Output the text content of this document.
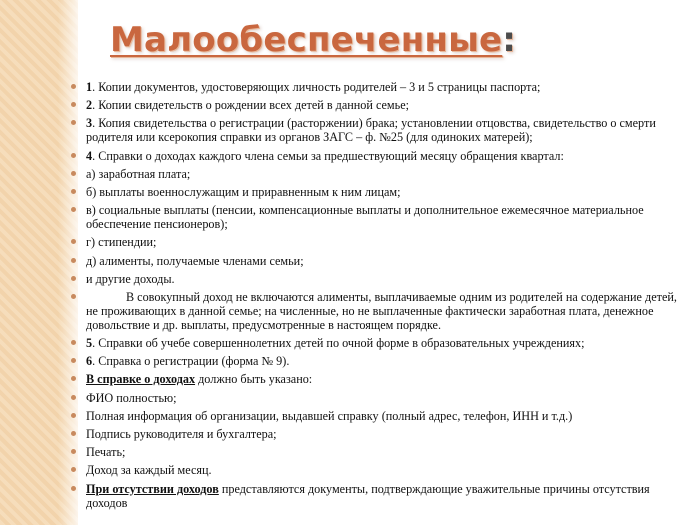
Малообеспеченные:
1. Копии документов, удостоверяющих личность родителей – 3 и 5 страницы паспорта;
2. Копии свидетельств о рождении всех детей в данной семье;
3. Копия свидетельства о регистрации (расторжении) брака; установлении отцовства, свидетельство о смерти родителя или ксерокопия справки из органов ЗАГС – ф. №25 (для одиноких матерей);
4. Справки о доходах каждого члена семьи за предшествующий месяцу обращения квартал:
а) заработная плата;
б) выплаты военнослужащим и приравненным к ним лицам;
в) социальные выплаты (пенсии, компенсационные выплаты и дополнительное ежемесячное материальное обеспечение пенсионеров);
г) стипендии;
д) алименты, получаемые членами семьи;
и другие доходы.
В совокупный доход не включаются алименты, выплачиваемые одним из родителей на содержание детей, не проживающих в данной семье; на численные, но не выплаченные фактически заработная плата, денежное довольствие и др. выплаты, предусмотренные в настоящем порядке.
5. Справки об учебе совершеннолетних детей по очной форме в образовательных учреждениях;
6. Справка о регистрации (форма № 9).
В справке о доходах должно быть указано:
ФИО полностью;
Полная информация об организации, выдавшей справку (полный адрес, телефон, ИНН и т.д.)
Подпись руководителя и бухгалтера;
Печать;
Доход за каждый месяц.
При отсутствии доходов представляются документы, подтверждающие уважительные причины отсутствия доходов
